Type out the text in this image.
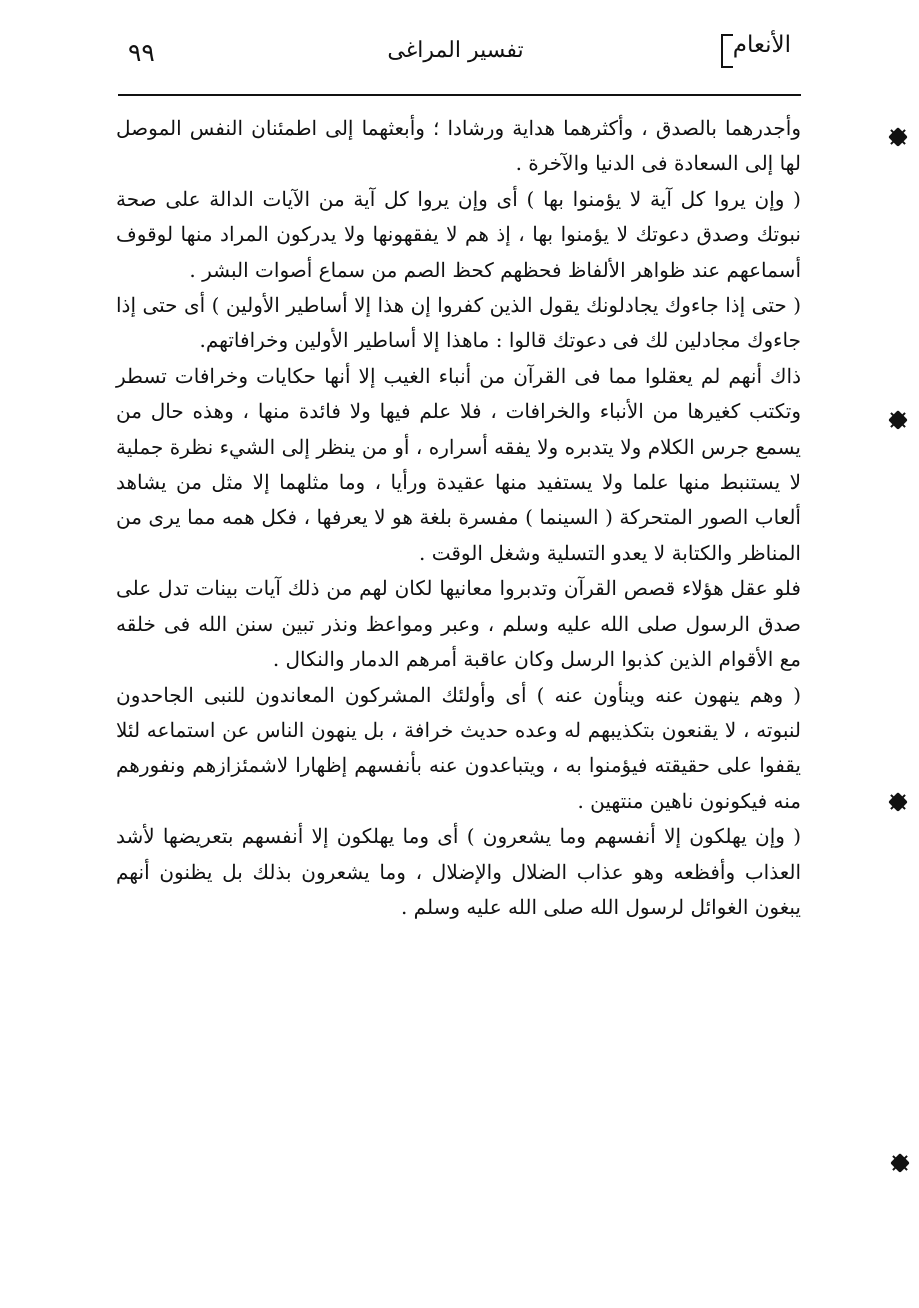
٩٩	تفسير المراغى	الأنعام

وأجدرهما بالصدق ، وأكثرهما هداية ورشادا ؛ وأبعثهما إلى اطمئنان النفس الموصل لها إلى السعادة فى الدنيا والآخرة .

( وإن يروا كل آية لا يؤمنوا بها ) أى وإن يروا كل آية من الآيات الدالة على صحة نبوتك وصدق دعوتك لا يؤمنوا بها ، إذ هم لا يفقهونها ولا يدركون المراد منها لوقوف أسماعهم عند ظواهر الألفاظ فحظهم كحظ الصم من سماع أصوات البشر .

( حتى إذا جاءوك يجادلونك يقول الذين كفروا إن هذا إلا أساطير الأولين ) أى حتى إذا جاءوك مجادلين لك فى دعوتك قالوا : ماهذا إلا أساطير الأولين وخرافاتهم.

ذاك أنهم لم يعقلوا مما فى القرآن من أنباء الغيب إلا أنها حكايات وخرافات تسطر وتكتب كغيرها من الأنباء والخرافات ، فلا علم فيها ولا فائدة منها ، وهذه حال من يسمع جرس الكلام ولا يتدبره ولا يفقه أسراره ، أو من ينظر إلى الشيء نظرة جملية لا يستنبط منها علما ولا يستفيد منها عقيدة ورأيا ، وما مثلهما إلا مثل من يشاهد ألعاب الصور المتحركة ( السينما ) مفسرة بلغة هو لا يعرفها ، فكل همه مما يرى من المناظر والكتابة لا يعدو التسلية وشغل الوقت .

فلو عقل هؤلاء قصص القرآن وتدبروا معانيها لكان لهم من ذلك آيات بينات تدل على صدق الرسول صلى الله عليه وسلم ، وعبر ومواعظ ونذر تبين سنن الله فى خلقه مع الأقوام الذين كذبوا الرسل وكان عاقبة أمرهم الدمار والنكال .

( وهم ينهون عنه وينأون عنه ) أى وأولئك المشركون المعاندون للنبى الجاحدون لنبوته ، لا يقنعون بتكذيبهم له وعده حديث خرافة ، بل ينهون الناس عن استماعه لئلا يقفوا على حقيقته فيؤمنوا به ، ويتباعدون عنه بأنفسهم إظهارا لاشمئزازهم ونفورهم منه فيكونون ناهين منتهين .

( وإن يهلكون إلا أنفسهم وما يشعرون ) أى وما يهلكون إلا أنفسهم بتعريضها لأشد العذاب وأفظعه وهو عذاب الضلال والإضلال ، وما يشعرون بذلك بل يظنون أنهم يبغون الغوائل لرسول الله صلى الله عليه وسلم .
